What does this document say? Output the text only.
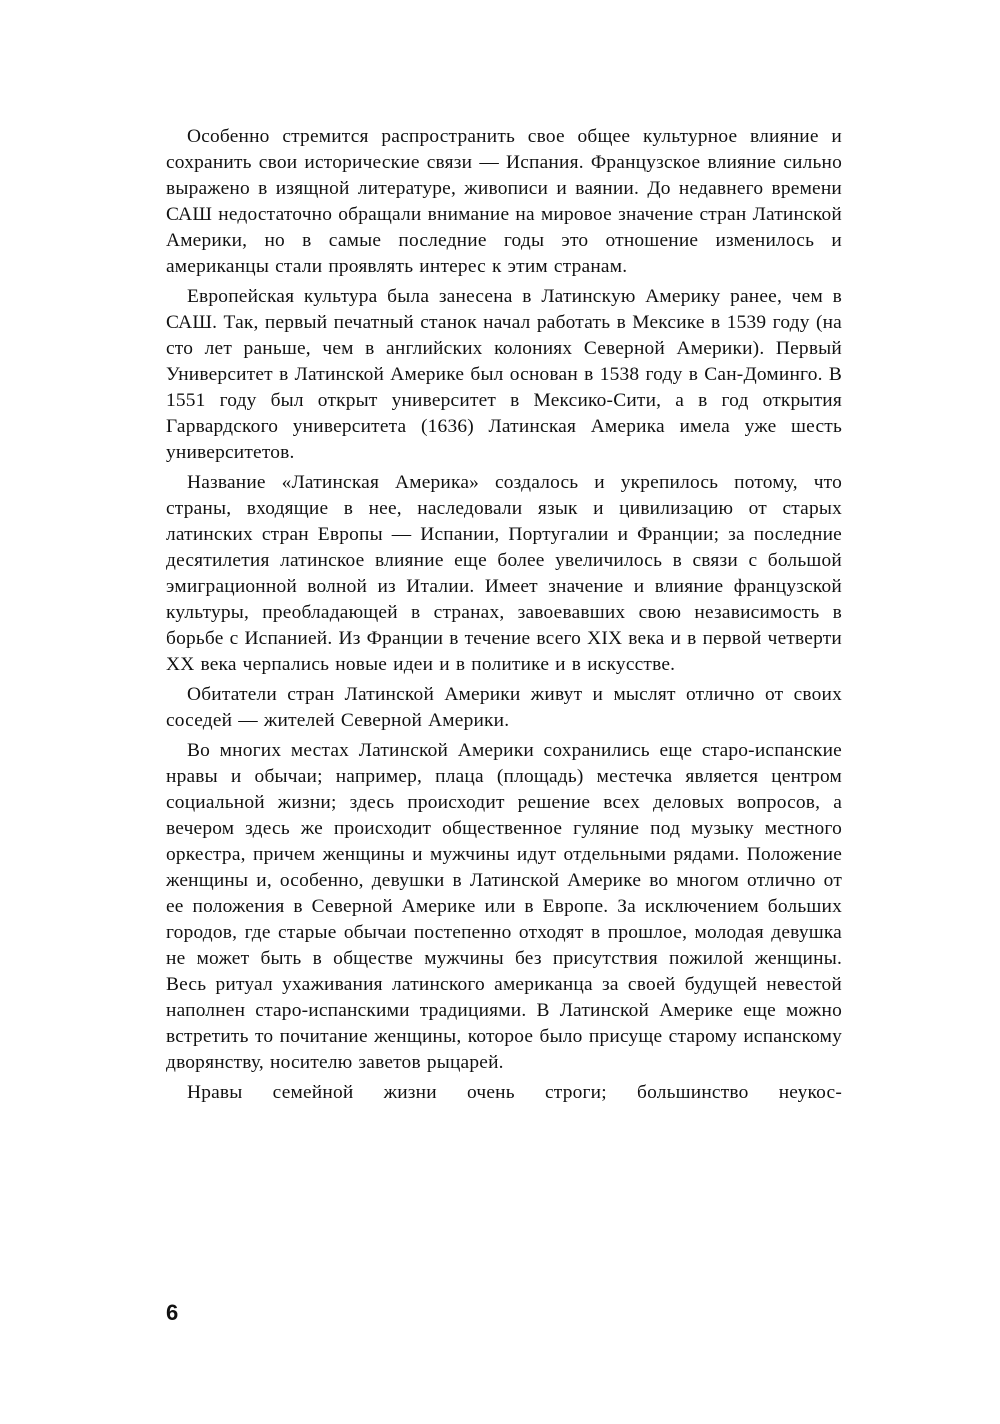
Особенно стремится распространить свое общее культурное влияние и сохранить свои исторические связи — Испания. Французское влияние сильно выражено в изящной литературе, живописи и ваянии. До недавнего времени САШ недостаточно обращали внимание на мировое значение стран Латинской Америки, но в самые последние годы это отношение изменилось и американцы стали проявлять интерес к этим странам.

Европейская культура была занесена в Латинскую Америку ранее, чем в САШ. Так, первый печатный станок начал работать в Мексике в 1539 году (на сто лет раньше, чем в английских колониях Северной Америки). Первый Университет в Латинской Америке был основан в 1538 году в Сан-Доминго. В 1551 году был открыт университет в Мексико-Сити, а в год открытия Гарвардского университета (1636) Латинская Америка имела уже шесть университетов.

Название «Латинская Америка» создалось и укрепилось потому, что страны, входящие в нее, наследовали язык и цивилизацию от старых латинских стран Европы — Испании, Португалии и Франции; за последние десятилетия латинское влияние еще более увеличилось в связи с большой эмиграционной волной из Италии. Имеет значение и влияние французской культуры, преобладающей в странах, завоевавших свою независимость в борьбе с Испанией. Из Франции в течение всего XIX века и в первой четверти XX века черпались новые идеи и в политике и в искусстве.

Обитатели стран Латинской Америки живут и мыслят отлично от своих соседей — жителей Северной Америки.

Во многих местах Латинской Америки сохранились еще старо-испанские нравы и обычаи; например, плаца (площадь) местечка является центром социальной жизни; здесь происходит решение всех деловых вопросов, а вечером здесь же происходит общественное гуляние под музыку местного оркестра, причем женщины и мужчины идут отдельными рядами. Положение женщины и, особенно, девушки в Латинской Америке во многом отлично от ее положения в Северной Америке или в Европе. За исключением больших городов, где старые обычаи постепенно отходят в прошлое, молодая девушка не может быть в обществе мужчины без присутствия пожилой женщины. Весь ритуал ухаживания латинского американца за своей будущей невестой наполнен старо-испанскими традициями. В Латинской Америке еще можно встретить то почитание женщины, которое было присуще старому испанскому дворянству, носителю заветов рыцарей.

Нравы семейной жизни очень строги; большинство неукос-

6
